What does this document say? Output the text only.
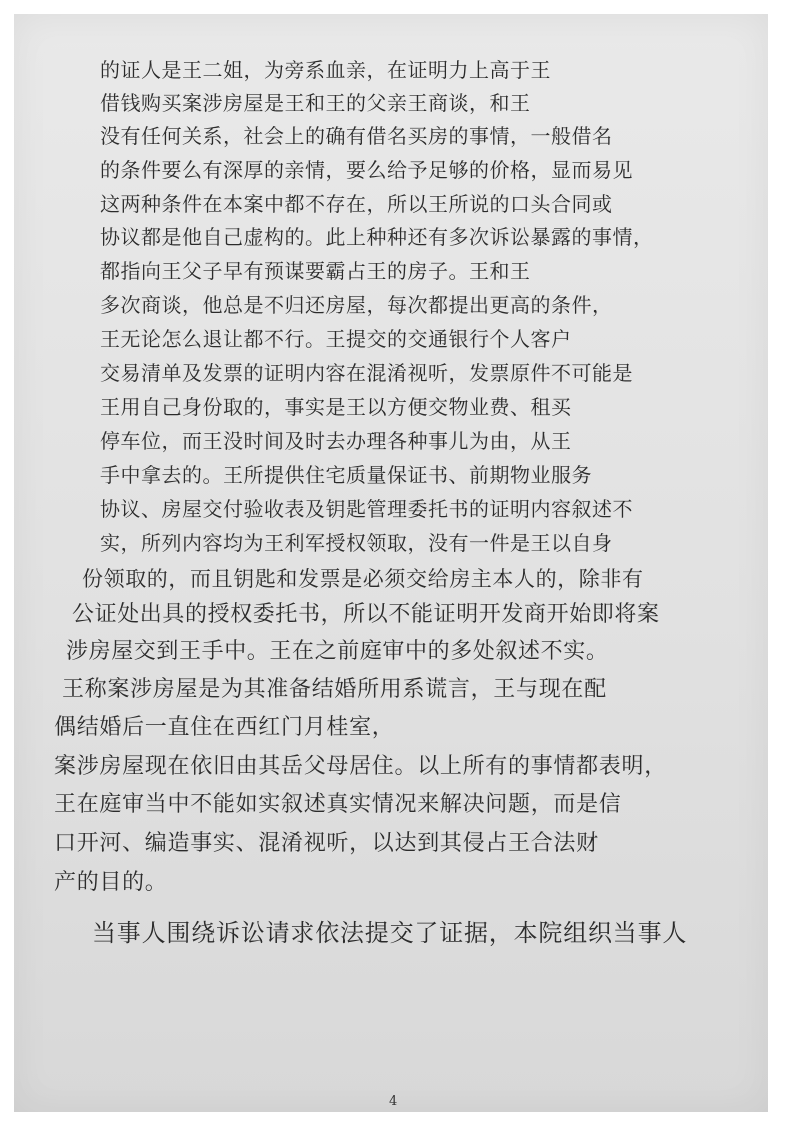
的证人是王二姐，为旁系血亲，在证明力上高于王
借钱购买案涉房屋是王和王的父亲王商谈，和王
没有任何关系，社会上的确有借名买房的事情，一般借名
的条件要么有深厚的亲情，要么给予足够的价格，显而易见
这两种条件在本案中都不存在，所以王所说的口头合同或
协议都是他自己虚构的。此上种种还有多次诉讼暴露的事情，
都指向王父子早有预谋要霸占王的房子。王和王
多次商谈，他总是不归还房屋，每次都提出更高的条件，
王无论怎么退让都不行。王提交的交通银行个人客户
交易清单及发票的证明内容在混淆视听，发票原件不可能是
王用自己身份取的，事实是王以方便交物业费、租买
停车位，而王没时间及时去办理各种事儿为由，从王
手中拿去的。王所提供住宅质量保证书、前期物业服务
协议、房屋交付验收表及钥匙管理委托书的证明内容叙述不
实，所列内容均为王利军授权领取，没有一件是王以自身
份领取的，而且钥匙和发票是必须交给房主本人的，除非有
公证处出具的授权委托书，所以不能证明开发商开始即将案
涉房屋交到王手中。王在之前庭审中的多处叙述不实。
王称案涉房屋是为其准备结婚所用系谎言，王与现在配
偶结婚后一直住在西红门月桂室，
案涉房屋现在依旧由其岳父母居住。以上所有的事情都表明，
王在庭审当中不能如实叙述真实情况来解决问题，而是信
口开河、编造事实、混淆视听，以达到其侵占王合法财
产的目的。
当事人围绕诉讼请求依法提交了证据，本院组织当事人
4
